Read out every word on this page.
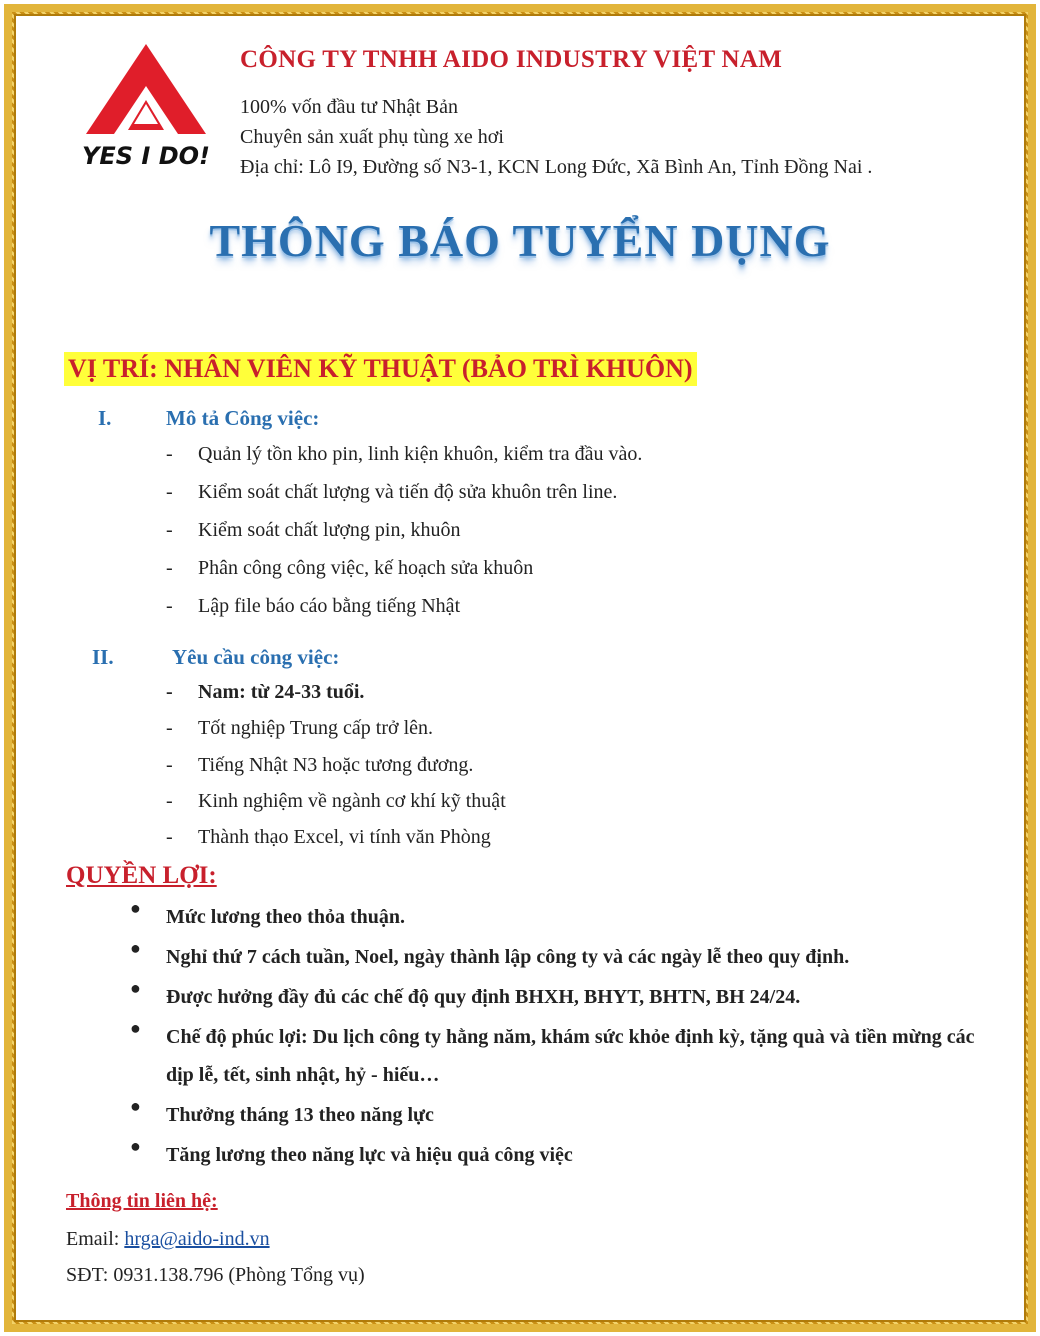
YES I DO!
CÔNG TY TNHH AIDO INDUSTRY VIỆT NAM
100% vốn đầu tư Nhật Bản
Chuyên sản xuất phụ tùng xe hơi
Địa chỉ: Lô I9, Đường số N3-1, KCN Long Đức, Xã Bình An, Tỉnh Đồng Nai .
THÔNG BÁO TUYỂN DỤNG
VỊ TRÍ: NHÂN VIÊN KỸ THUẬT (BẢO TRÌ KHUÔN)
I.	Mô tả Công việc:
- Quản lý tồn kho pin, linh kiện khuôn, kiểm tra đầu vào.
- Kiểm soát chất lượng và tiến độ sửa khuôn trên line.
- Kiểm soát chất lượng pin, khuôn
- Phân công công việc, kế hoạch sửa khuôn
- Lập file báo cáo bằng tiếng Nhật
II.	Yêu cầu công việc:
- Nam: từ 24-33 tuổi.
- Tốt nghiệp Trung cấp trở lên.
- Tiếng Nhật N3 hoặc tương đương.
- Kinh nghiệm về ngành cơ khí kỹ thuật
- Thành thạo Excel, vi tính văn Phòng
QUYỀN LỢI:
● Mức lương theo thỏa thuận.
● Nghỉ thứ 7 cách tuần, Noel, ngày thành lập công ty và các ngày lễ theo quy định.
● Được hưởng đầy đủ các chế độ quy định BHXH, BHYT, BHTN, BH 24/24.
● Chế độ phúc lợi: Du lịch công ty hằng năm, khám sức khỏe định kỳ, tặng quà và tiền mừng các dịp lễ, tết, sinh nhật, hỷ - hiếu…
● Thưởng tháng 13 theo năng lực
● Tăng lương theo năng lực và hiệu quả công việc
Thông tin liên hệ:
Email: hrga@aido-ind.vn
SĐT: 0931.138.796 (Phòng Tổng vụ)
